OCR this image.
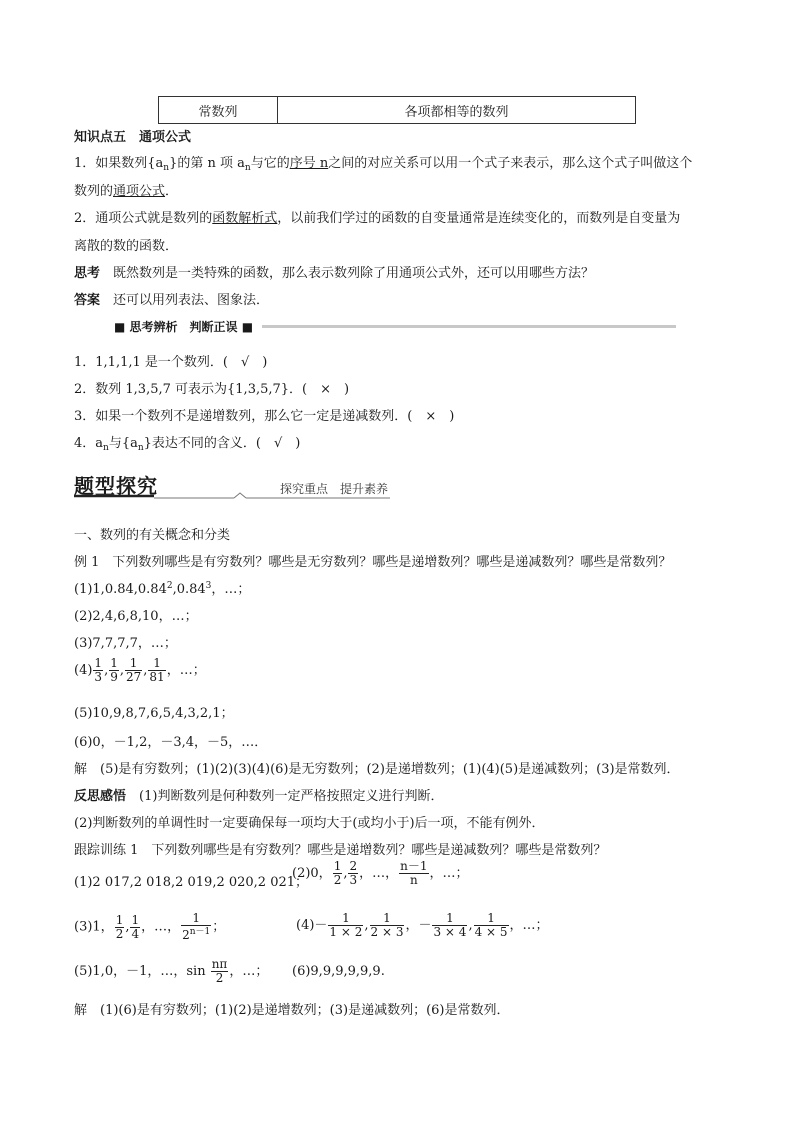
常数列	各项都相等的数列
知识点五　通项公式
1．如果数列$\{a_n\}$的第 n 项 $a_n$与它的序号 n之间的对应关系可以用一个式子来表示，那么这个式子叫做这个
数列的通项公式．
2．通项公式就是数列的函数解析式，以前我们学过的函数的自变量通常是连续变化的，而数列是自变量为
离散的数的函数．
思考　 既然数列是一类特殊的函数，那么表示数列除了用通项公式外，还可以用哪些方法？
答案　 还可以用列表法、图象法．
■ 思考辨析　判断正误 ■
1．1,1,1,1 是一个数列．(　√　)
2．数列 1,3,5,7 可表示为{1,3,5,7}．(　×　)
3．如果一个数列不是递增数列，那么它一定是递减数列．(　×　)
4．$a_n$与$\{a_n\}$表达不同的含义．(　√　)
题型探究	探究重点　提升素养
一、数列的有关概念和分类
例 1　下列数列哪些是有穷数列？哪些是无穷数列？哪些是递增数列？哪些是递减数列？哪些是常数列？
(1)1,0.84,0.84$^2$,0.84$^3$，…；
(2)2,4,6,8,10，…；
(3)7,7,7,7，…；
$(4) \frac{1}{3}$ , $\frac{1}{9}$ , $\frac{1}{27}$ , $\frac{1}{81}$ ，…；
(5)10,9,8,7,6,5,4,3,2,1；
(6)0，－1,2，－3,4，－5，…．
解　(5)是有穷数列；(1)(2)(3)(4)(6)是无穷数列；(2)是递增数列；(1)(4)(5)是递减数列；(3)是常数列．
反思感悟　 (1)判断数列是何种数列一定严格按照定义进行判断．
(2)判断数列的单调性时一定要确保每一项均大于(或均小于)后一项，不能有例外．
跟踪训练 1　下列数列哪些是有穷数列？哪些是递增数列？哪些是递减数列？哪些是常数列？
(1)2 017,2 018,2 019,2 020,2 021；
(2)0， $\frac{1}{2}$ , $\frac{2}{3}$ ，…， $\frac{n-1}{n}$ ，…；
(3)1， $\frac{1}{2}$ , $\frac{1}{4}$ ，…， $\frac{1}{2^{n-1}}$ ；	$(4)- \frac{1}{1 \times 2}$ , $\frac{1}{2 \times 3}$ ，－ $\frac{1}{3 \times 4}$ , $\frac{1}{4 \times 5}$ ，…；
(5)1,0，－1，…，$\sin \frac{n\pi}{2}$ ，…； (6)9,9,9,9,9,9.
解　(1)(6)是有穷数列；(1)(2)是递增数列；(3)是递减数列；(6)是常数列．
